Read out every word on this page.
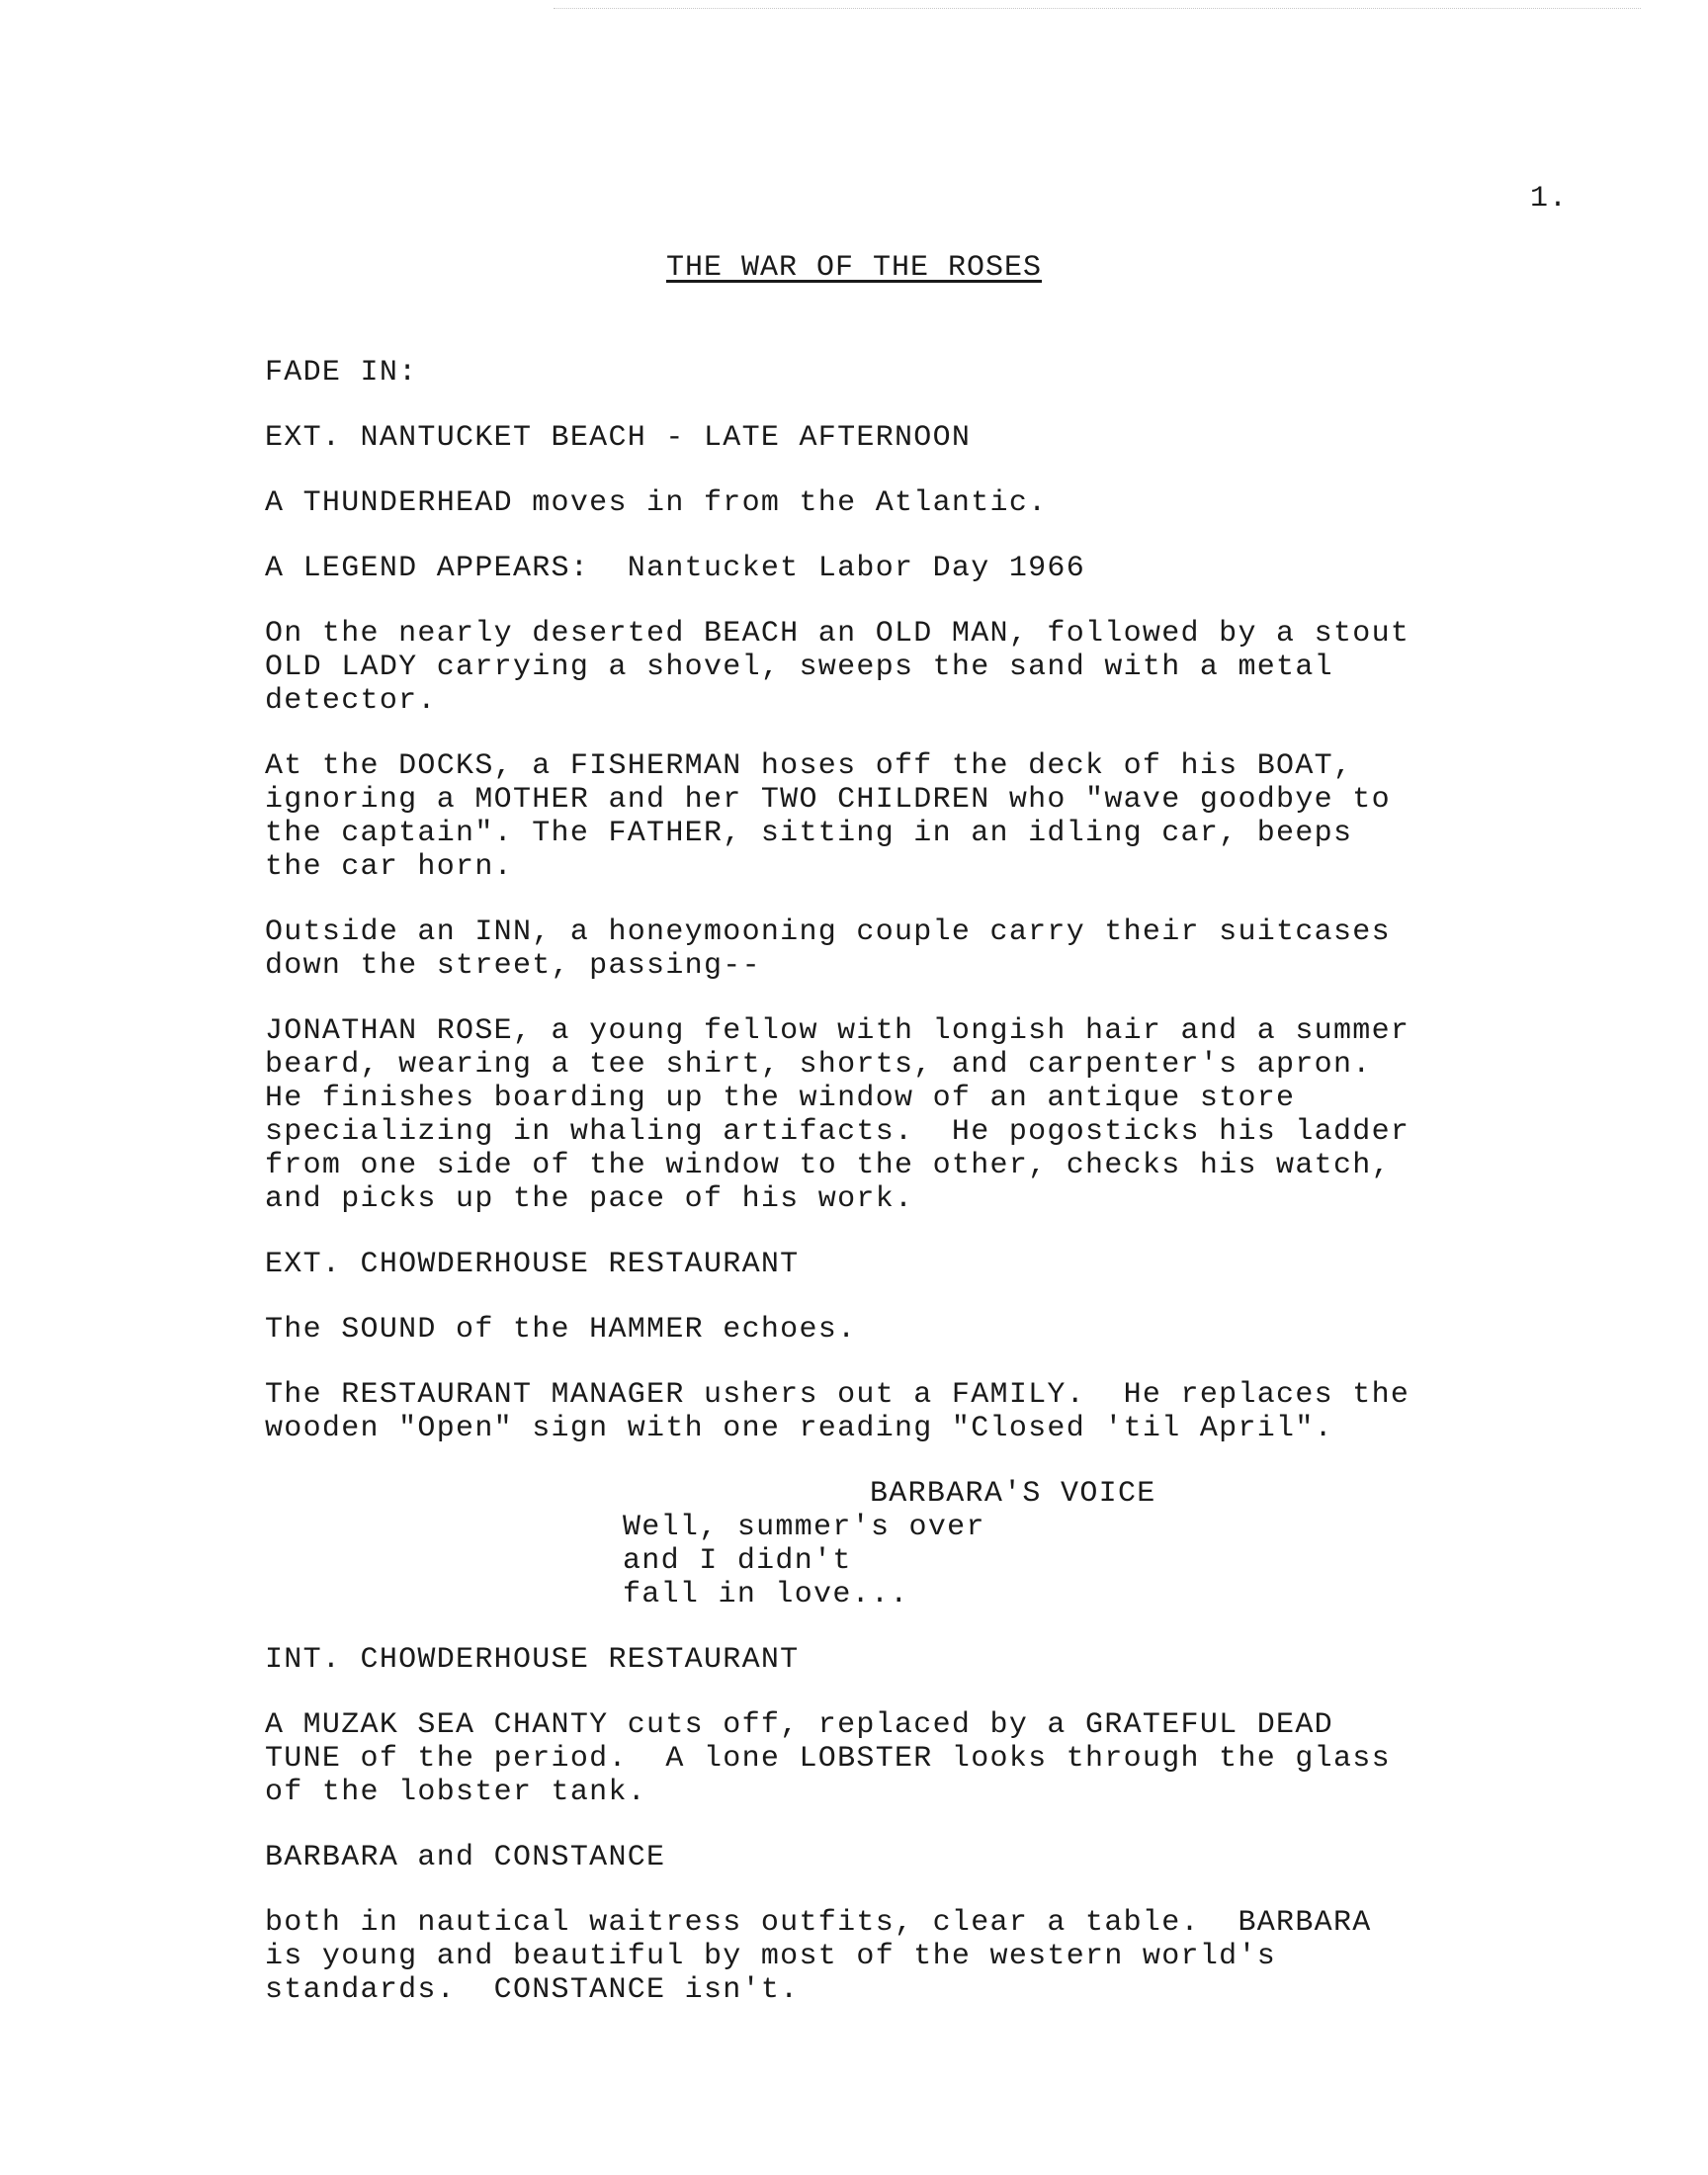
1.
THE WAR OF THE ROSES
FADE IN:
EXT. NANTUCKET BEACH - LATE AFTERNOON
A THUNDERHEAD moves in from the Atlantic.
A LEGEND APPEARS:  Nantucket Labor Day 1966
On the nearly deserted BEACH an OLD MAN, followed by a stout
OLD LADY carrying a shovel, sweeps the sand with a metal
detector.
At the DOCKS, a FISHERMAN hoses off the deck of his BOAT,
ignoring a MOTHER and her TWO CHILDREN who "wave goodbye to
the captain". The FATHER, sitting in an idling car, beeps
the car horn.
Outside an INN, a honeymooning couple carry their suitcases
down the street, passing--
JONATHAN ROSE, a young fellow with longish hair and a summer
beard, wearing a tee shirt, shorts, and carpenter's apron.
He finishes boarding up the window of an antique store
specializing in whaling artifacts.  He pogosticks his ladder
from one side of the window to the other, checks his watch,
and picks up the pace of his work.
EXT. CHOWDERHOUSE RESTAURANT
The SOUND of the HAMMER echoes.
The RESTAURANT MANAGER ushers out a FAMILY.  He replaces the
wooden "Open" sign with one reading "Closed 'til April".
BARBARA'S VOICE
Well, summer's over and I didn't
fall in love...
INT. CHOWDERHOUSE RESTAURANT
A MUZAK SEA CHANTY cuts off, replaced by a GRATEFUL DEAD
TUNE of the period.  A lone LOBSTER looks through the glass
of the lobster tank.
BARBARA and CONSTANCE
both in nautical waitress outfits, clear a table.  BARBARA
is young and beautiful by most of the western world's
standards.  CONSTANCE isn't.
